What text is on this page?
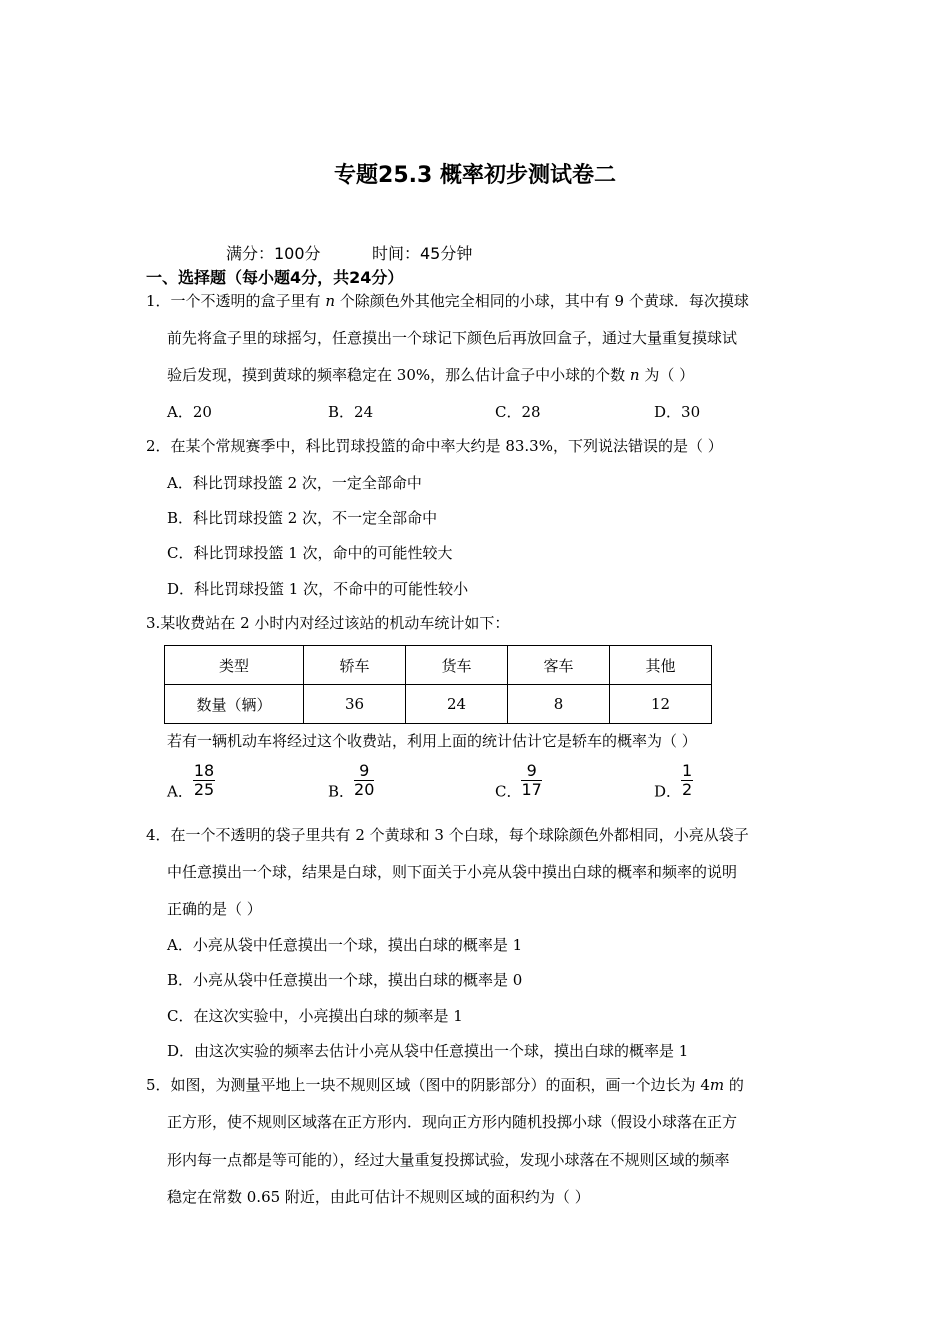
专题25.3 概率初步测试卷二
满分：100分	时间：45分钟
一、选择题（每小题4分，共24分）
1．一个不透明的盒子里有 n 个除颜色外其他完全相同的小球，其中有 9 个黄球．每次摸球
前先将盒子里的球摇匀，任意摸出一个球记下颜色后再放回盒子，通过大量重复摸球试
验后发现，摸到黄球的频率稳定在 30%，那么估计盒子中小球的个数 n 为（ ）
A．20	B．24	C．28	D．30
2．在某个常规赛季中，科比罚球投篮的命中率大约是 83.3%，下列说法错误的是（ ）
A．科比罚球投篮 2 次，一定全部命中
B．科比罚球投篮 2 次，不一定全部命中
C．科比罚球投篮 1 次，命中的可能性较大
D．科比罚球投篮 1 次，不命中的可能性较小
3.某收费站在 2 小时内对经过该站的机动车统计如下：
类型	轿车	货车	客车	其他
数量（辆）	36	24	8	12
若有一辆机动车将经过这个收费站，利用上面的统计估计它是轿车的概率为（ ）
A． $\frac{18}{25}$	B． $\frac{9}{20}$	C． $\frac{9}{17}$	D． $\frac{1}{2}$
4．在一个不透明的袋子里共有 2 个黄球和 3 个白球，每个球除颜色外都相同，小亮从袋子
中任意摸出一个球，结果是白球，则下面关于小亮从袋中摸出白球的概率和频率的说明
正确的是（ ）
A．小亮从袋中任意摸出一个球，摸出白球的概率是 1
B．小亮从袋中任意摸出一个球，摸出白球的概率是 0
C．在这次实验中，小亮摸出白球的频率是 1
D．由这次实验的频率去估计小亮从袋中任意摸出一个球，摸出白球的概率是 1
5．如图，为测量平地上一块不规则区域（图中的阴影部分）的面积，画一个边长为 4m 的
正方形，使不规则区域落在正方形内．现向正方形内随机投掷小球（假设小球落在正方
形内每一点都是等可能的），经过大量重复投掷试验，发现小球落在不规则区域的频率
稳定在常数 0.65 附近，由此可估计不规则区域的面积约为（ ）
